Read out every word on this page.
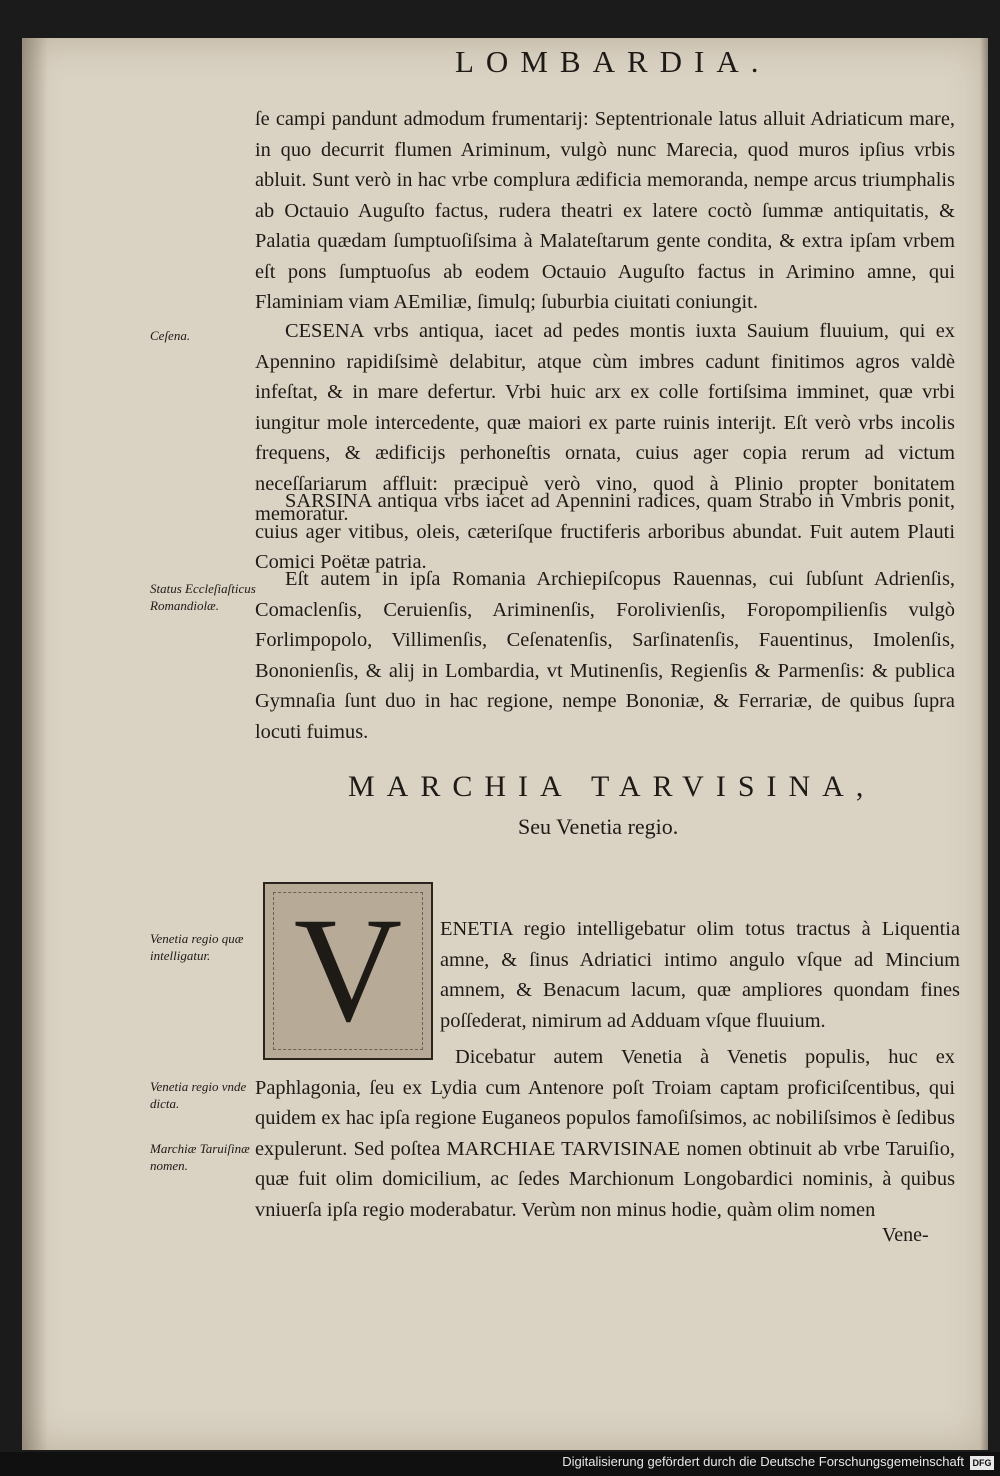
LOMBARDIA.

ſe campi pandunt admodum frumentarij: Septentrionale latus alluit Adriaticum mare, in quo decurrit flumen Ariminum, vulgò nunc Marecia, quod muros ipſius vrbis abluit. Sunt verò in hac vrbe complura ædificia memoranda, nempe arcus triumphalis ab Octauio Auguſto factus, rudera theatri ex latere coctò ſummæ antiquitatis, & Palatia quædam ſumptuoſiſsima à Malateſtarum gente condita, & extra ipſam vrbem eſt pons ſumptuoſus ab eodem Octauio Auguſto factus in Arimino amne, qui Flaminiam viam AEmiliæ, ſimulq; ſuburbia ciuitati coniungit.

Ceſena.	CESENA vrbs antiqua, iacet ad pedes montis iuxta Sauium fluuium, qui ex Apennino rapidiſsimè delabitur, atque cùm imbres cadunt finitimos agros valdè infeſtat, & in mare defertur. Vrbi huic arx ex colle fortiſsima imminet, quæ vrbi iungitur mole intercedente, quæ maiori ex parte ruinis interijt. Eſt verò vrbs incolis frequens, & ædificijs perhoneſtis ornata, cuius ager copia rerum ad victum neceſſariarum affluit: præcipuè verò vino, quod à Plinio propter bonitatem memoratur.

SARSINA antiqua vrbs iacet ad Apennini radices, quam Strabo in Vmbris ponit, cuius ager vitibus, oleis, cæteriſque fructiferis arboribus abundat. Fuit autem Plauti Comici Poëtæ patria.

Status Eccleſiaſticus Romandiolæ.

Eſt autem in ipſa Romania Archiepiſcopus Rauennas, cui ſubſunt Adrienſis, Comaclenſis, Ceruienſis, Ariminenſis, Forolivienſis, Foropompilienſis vulgò Forlimpopolo, Villimenſis, Ceſenatenſis, Sarſinatenſis, Fauentinus, Imolenſis, Bononienſis, & alij in Lombardia, vt Mutinenſis, Regienſis & Parmenſis: & publica Gymnaſia ſunt duo in hac regione, nempe Bononiæ, & Ferrariæ, de quibus ſupra locuti fuimus.

MARCHIA TARVISINA,
Seu Venetia regio.
V
Venetia regio quæ intelligatur.

ENETIA regio intelligebatur olim totus tractus à Liquentia amne, & ſinus Adriatici intimo angulo vſque ad Mincium amnem, & Benacum lacum, quæ ampliores quondam fines poſſederat, nimirum ad Adduam vſque fluuium.

Venetia regio vnde dicta.
Marchiæ Taruiſinæ nomen.

Dicebatur autem Venetia à Venetis populis, huc ex Paphlagonia, ſeu ex Lydia cum Antenore poſt Troiam captam proficiſcentibus, qui quidem ex hac ipſa regione Euganeos populos famoſiſsimos, ac nobiliſsimos è ſedibus expulerunt. Sed poſtea MARCHIAE TARVISINAE nomen obtinuit ab vrbe Taruiſio, quæ fuit olim domicilium, ac ſedes Marchionum Longobardici nominis, à quibus vniuerſa ipſa regio moderabatur. Verùm non minus hodie, quàm olim nomen

Vene-
Digitalisierung gefördert durch die Deutsche Forschungsgemeinschaft DFG
